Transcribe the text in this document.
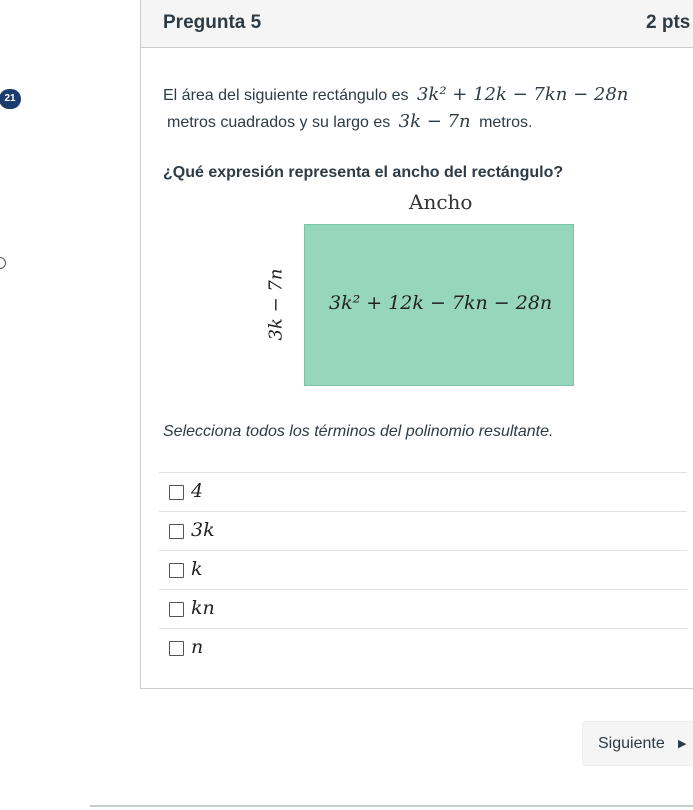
21
Pregunta 5	2 pts
El área del siguiente rectángulo es 3k² + 12k − 7kn − 28n
metros cuadrados y su largo es 3k − 7n metros.
¿Qué expresión representa el ancho del rectángulo?
Ancho
3k² + 12k − 7kn − 28n
3k − 7n
Selecciona todos los términos del polinomio resultante.
4
3k
k
kn
n
Siguiente ▶
